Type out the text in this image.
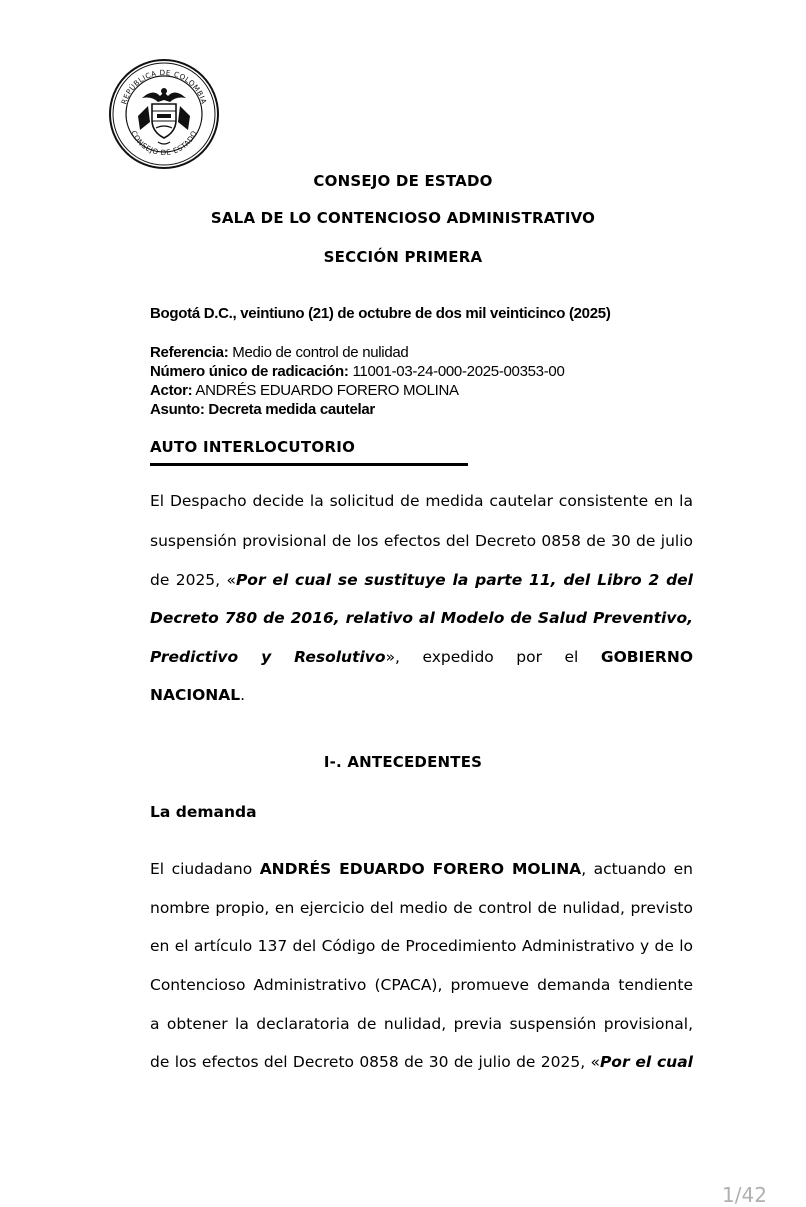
REPÚBLICA DE COLOMBIA
CONSEJO DE ESTADO
CONSEJO DE ESTADO
SALA DE LO CONTENCIOSO ADMINISTRATIVO
SECCIÓN PRIMERA
Bogotá D.C., veintiuno (21) de octubre de dos mil veinticinco (2025)
Referencia: Medio de control de nulidad
Número único de radicación: 11001-03-24-000-2025-00353-00
Actor: ANDRÉS EDUARDO FORERO MOLINA
Asunto: Decreta medida cautelar
AUTO INTERLOCUTORIO
El Despacho decide la solicitud de medida cautelar consistente en la
suspensión provisional de los efectos del Decreto 0858 de 30 de julio
de 2025, «Por el cual se sustituye la parte 11, del Libro 2 del
Decreto 780 de 2016, relativo al Modelo de Salud Preventivo,
Predictivo y Resolutivo», expedido por el GOBIERNO
NACIONAL.
I-. ANTECEDENTES
La demanda
El ciudadano ANDRÉS EDUARDO FORERO MOLINA, actuando en
nombre propio, en ejercicio del medio de control de nulidad, previsto
en el artículo 137 del Código de Procedimiento Administrativo y de lo
Contencioso Administrativo (CPACA), promueve demanda tendiente
a obtener la declaratoria de nulidad, previa suspensión provisional,
de los efectos del Decreto 0858 de 30 de julio de 2025, «Por el cual
1/42
